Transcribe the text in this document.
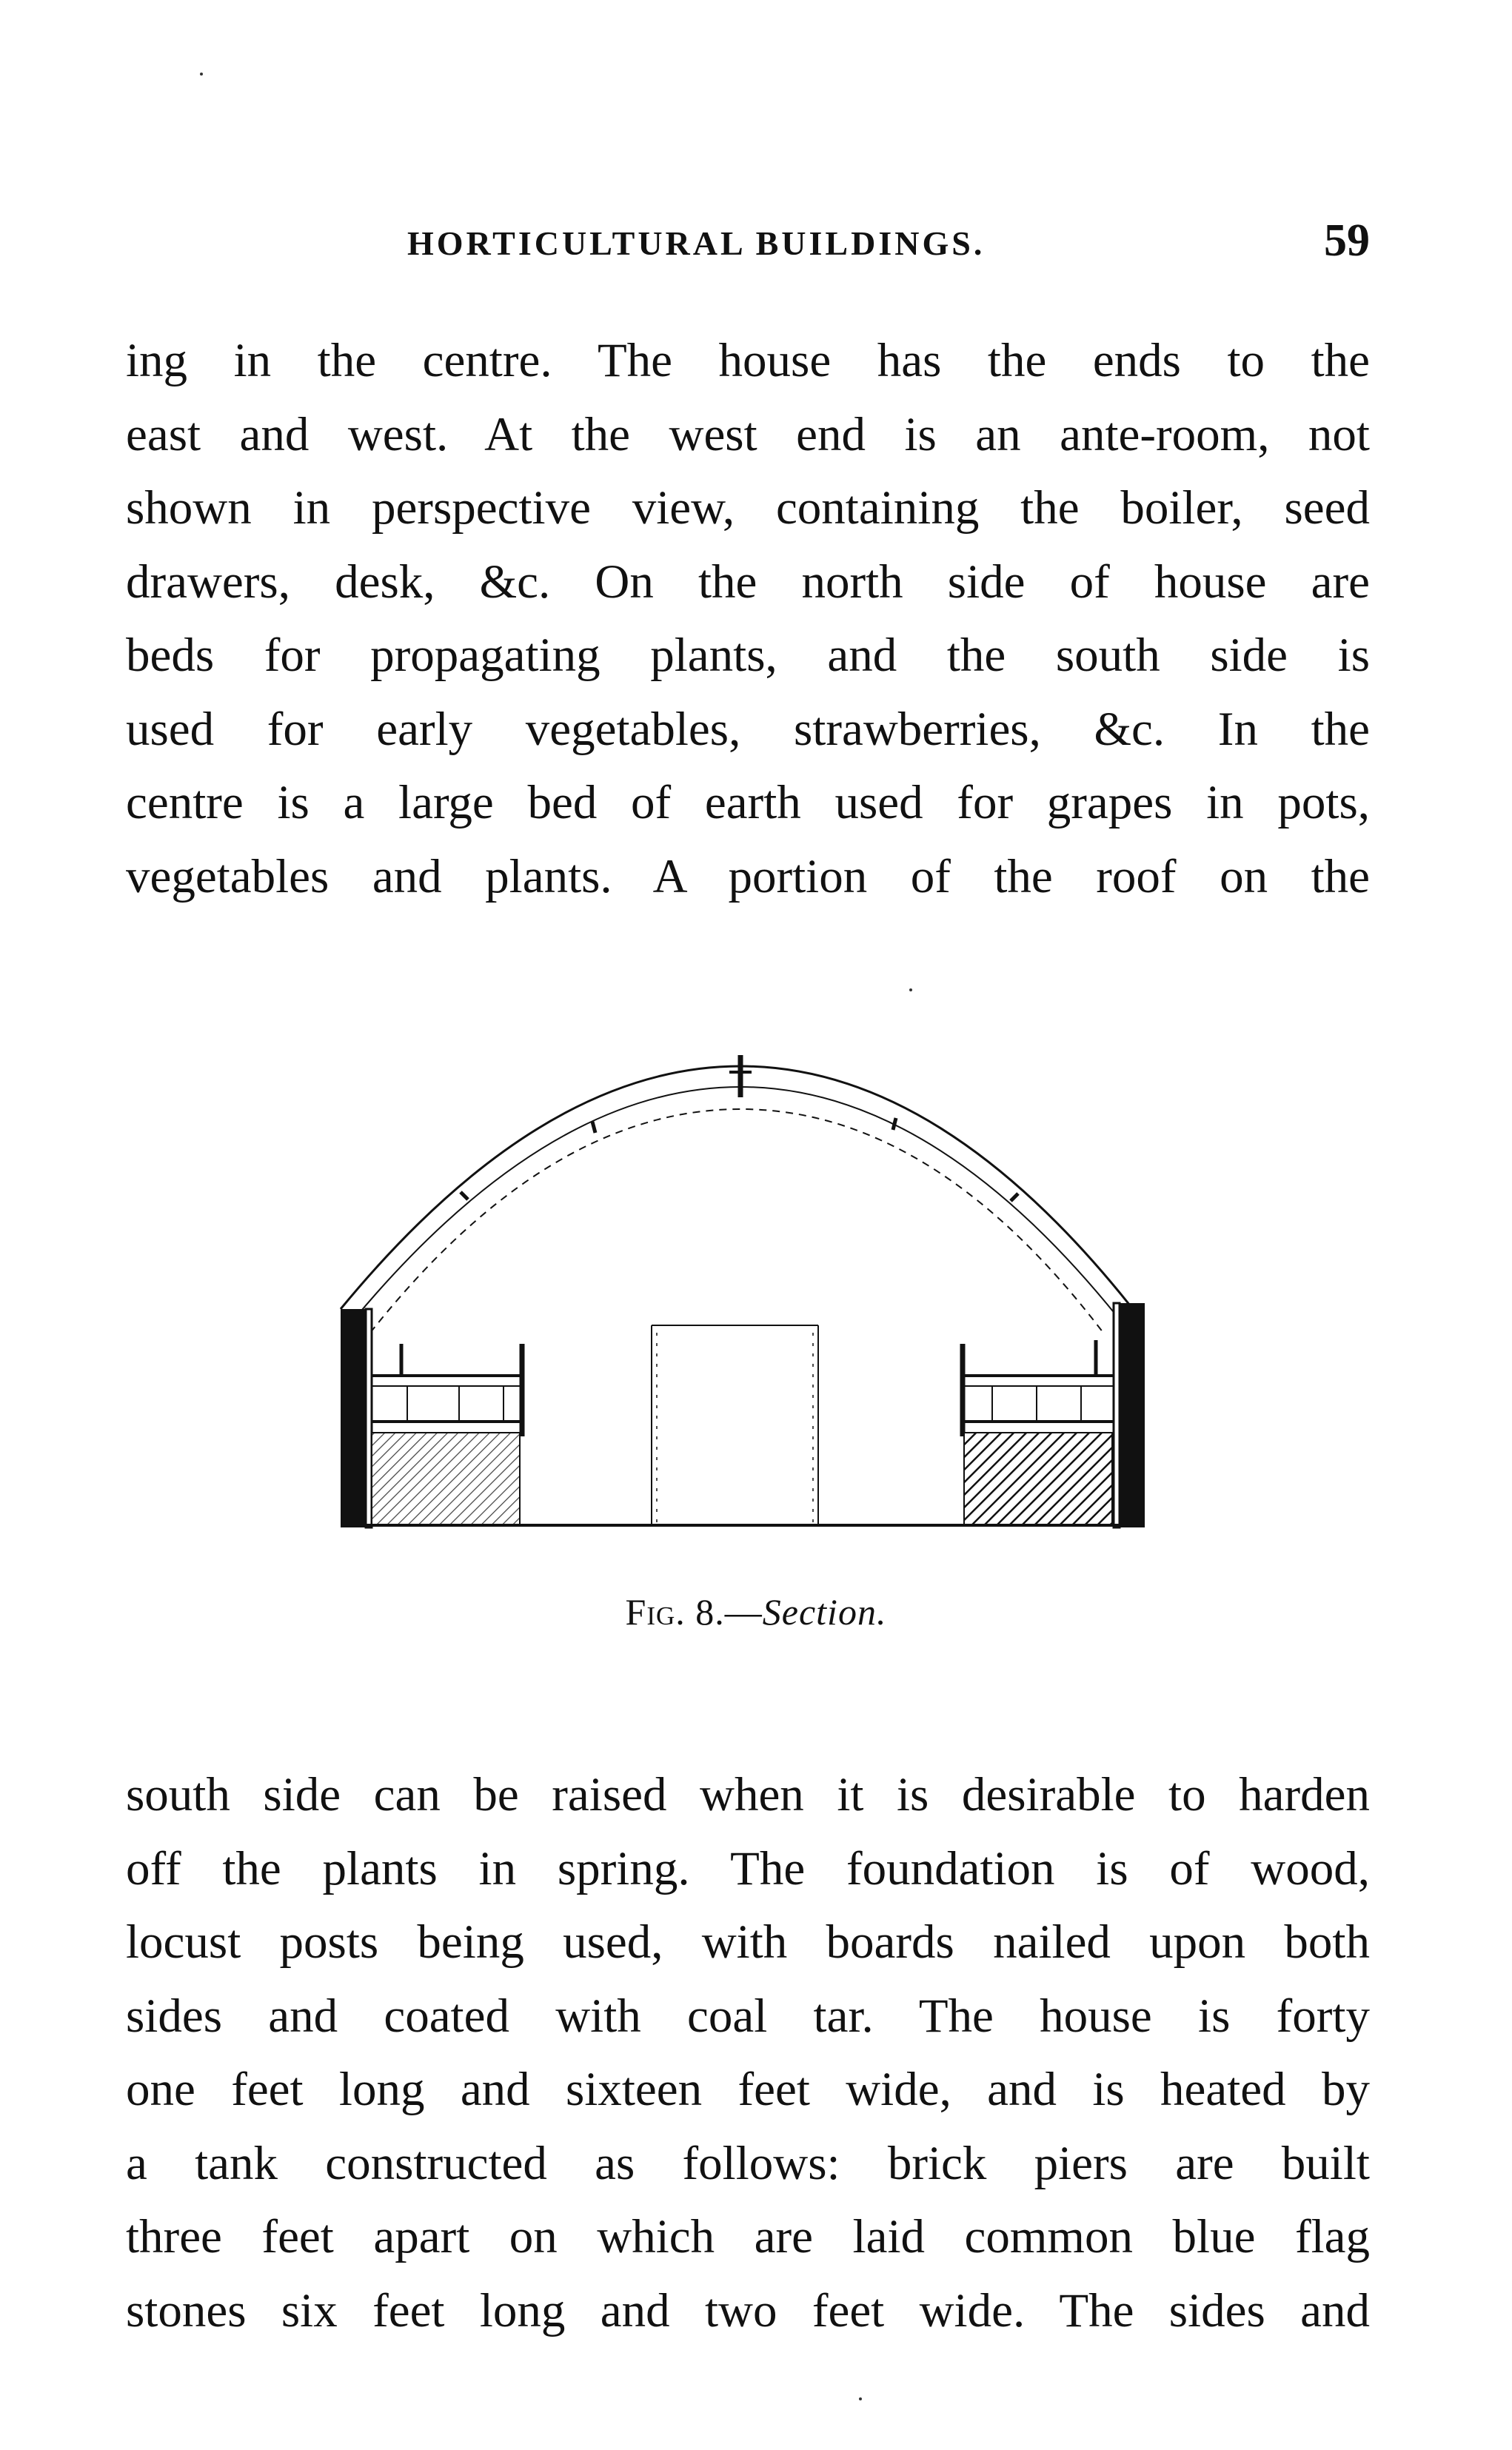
HORTICULTURAL BUILDINGS.	59
ing in the centre. The house has the ends to the
east and west. At the west end is an ante-room, not
shown in perspective view, containing the boiler, seed
drawers, desk, &c. On the north side of house are
beds for propagating plants, and the south side is
used for early vegetables, strawberries, &c. In the
centre is a large bed of earth used for grapes in pots,
vegetables and plants. A portion of the roof on the
Fig. 8.—Section.
south side can be raised when it is desirable to harden
off the plants in spring. The foundation is of wood,
locust posts being used, with boards nailed upon both
sides and coated with coal tar. The house is forty
one feet long and sixteen feet wide, and is heated by
a tank constructed as follows: brick piers are built
three feet apart on which are laid common blue flag
stones six feet long and two feet wide. The sides and
